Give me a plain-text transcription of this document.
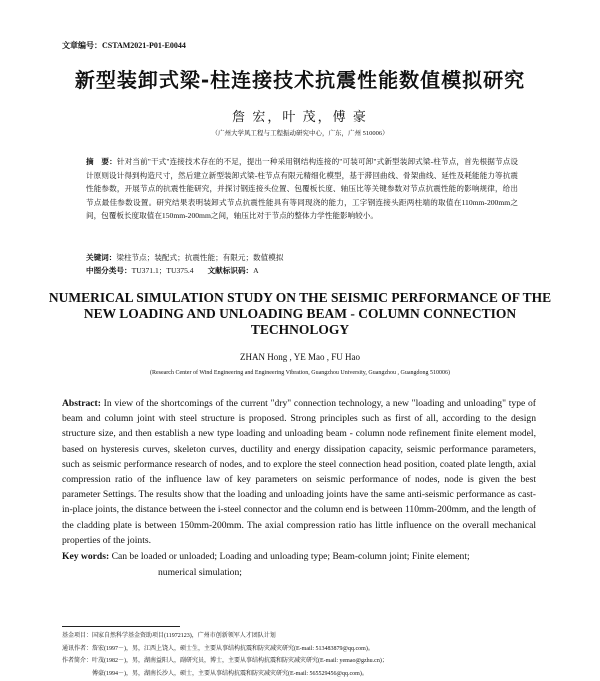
文章编号：CSTAM2021-P01-E0044
新型装卸式梁-柱连接技术抗震性能数值模拟研究
詹 宏，叶 茂，傅 豪
（广州大学风工程与工程振动研究中心，广东，广州 510006）
摘　要：针对当前"干式"连接技术存在的不足，提出一种采用钢结构连接的"可装可卸"式新型装卸式梁-柱节点，首先根据节点设计原则设计得到构造尺寸，然后建立新型装卸式梁-柱节点有限元精细化模型，基于滞回曲线、骨架曲线、延性及耗能能力等抗震性能参数，开展节点的抗震性能研究，并探讨钢连接头位置、包覆板长度、轴压比等关键参数对节点抗震性能的影响规律，给出节点最佳参数设置。研究结果表明装卸式节点抗震性能具有等同现浇的能力，工字钢连接头距两柱端的取值在110mm-200mm之间，包覆板长度取值在150mm-200mm之间，轴压比对于节点的整体力学性能影响较小。
关键词：梁柱节点；装配式；抗震性能；有限元；数值模拟
中图分类号：TU371.1；TU375.4 文献标识码：A
NUMERICAL SIMULATION STUDY ON THE SEISMIC PERFORMANCE OF THE NEW LOADING AND UNLOADING BEAM - COLUMN CONNECTION TECHNOLOGY
ZHAN Hong , YE Mao , FU Hao
(Research Center of Wind Engineering and Engineering Vibration, Guangzhou University, Guangzhou , Guangdong 510006)
Abstract: In view of the shortcomings of the current "dry" connection technology, a new "loading and unloading" type of beam and column joint with steel structure is proposed. Strong principles such as first of all, according to the design structure size, and then establish a new type loading and unloading beam - column node refinement finite element model, based on hysteresis curves, skeleton curves, ductility and energy dissipation capacity, seismic performance parameters, such as seismic performance research of nodes, and to explore the steel connection head position, coated plate length, axial compression ratio of the influence law of key parameters on seismic performance of nodes, node is given the best parameter Settings. The results show that the loading and unloading joints have the same anti-seismic performance as cast-in-place joints, the distance between the i-steel connector and the column end is between 110mm-200mm, and the length of the cladding plate is between 150mm-200mm. The axial compression ratio has little influence on the overall mechanical properties of the joints.
Key words: Can be loaded or unloaded; Loading and unloading type; Beam-column joint; Finite element;
numerical simulation;
基金项目：国家自然科学基金资助项目(11972123)，广州市创新领军人才团队计划
通讯作者：詹宏(1997－)，男，江西上饶人，硕士生，主要从事结构抗震和防灾减灾研究(E-mail: 513483879@qq.com)。
作者简介：叶茂(1982－)，男，湖南益阳人，副研究员，博士，主要从事结构抗震和防灾减灾研究(E-mail: yemao@gzhu.cn)；
傅豪(1994－)，男，湖南长沙人，硕士，主要从事结构抗震和防灾减灾研究(E-mail: 565529456@qq.com)。
